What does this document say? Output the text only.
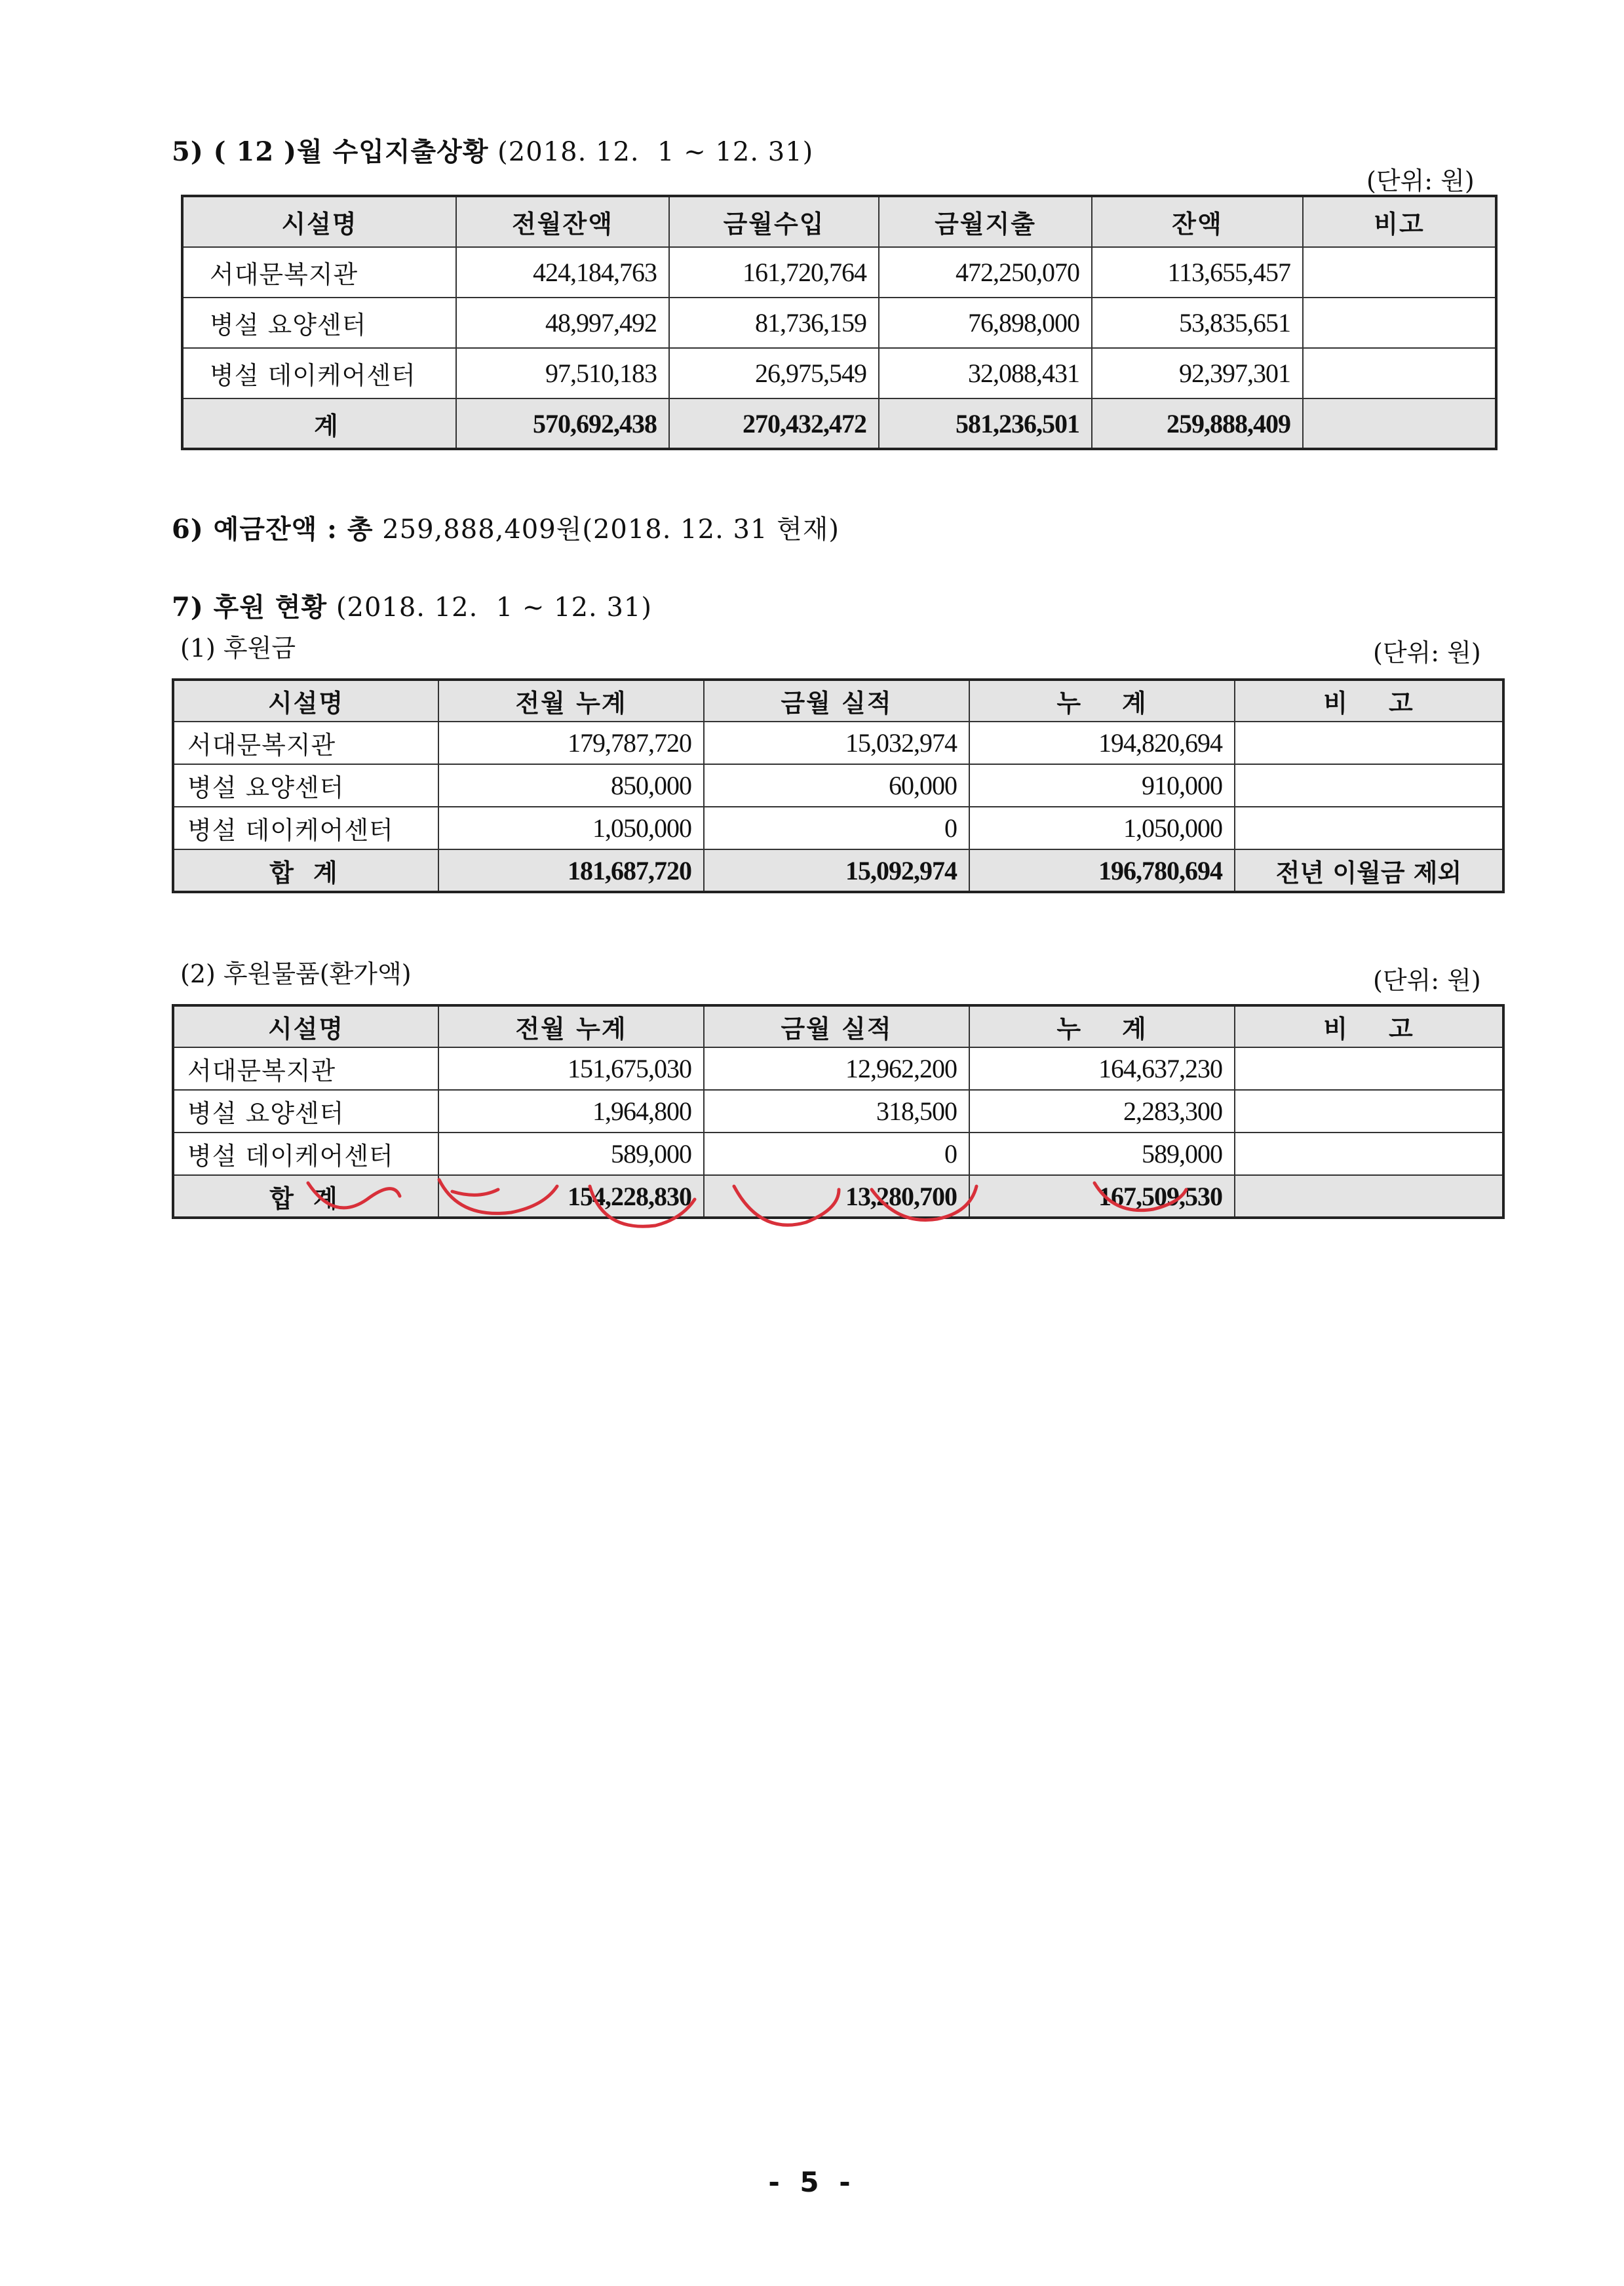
5) ( 12 )월 수입지출상황 (2018. 12.  1 ~ 12. 31)
(단위: 원)
시설명	전월잔액	금월수입	금월지출	잔액	비고
서대문복지관	424,184,763	161,720,764	472,250,070	113,655,457	
병설 요양센터	48,997,492	81,736,159	76,898,000	53,835,651	
병설 데이케어센터	97,510,183	26,975,549	32,088,431	92,397,301	
계	570,692,438	270,432,472	581,236,501	259,888,409	
6) 예금잔액 : 총 259,888,409원(2018. 12. 31 현재)
7) 후원 현황 (2018. 12.  1 ~ 12. 31)
(1) 후원금	(단위: 원)
시설명	전월 누계	금월 실적	누    계	비    고
서대문복지관	179,787,720	15,032,974	194,820,694	
병설 요양센터	850,000	60,000	910,000	
병설 데이케어센터	1,050,000	0	1,050,000	
합계	181,687,720	15,092,974	196,780,694	전년 이월금 제외
(2) 후원물품(환가액)	(단위: 원)
시설명	전월 누계	금월 실적	누    계	비    고
서대문복지관	151,675,030	12,962,200	164,637,230	
병설 요양센터	1,964,800	318,500	2,283,300	
병설 데이케어센터	589,000	0	589,000	
합계	154,228,830	13,280,700	167,509,530	
- 5 -
